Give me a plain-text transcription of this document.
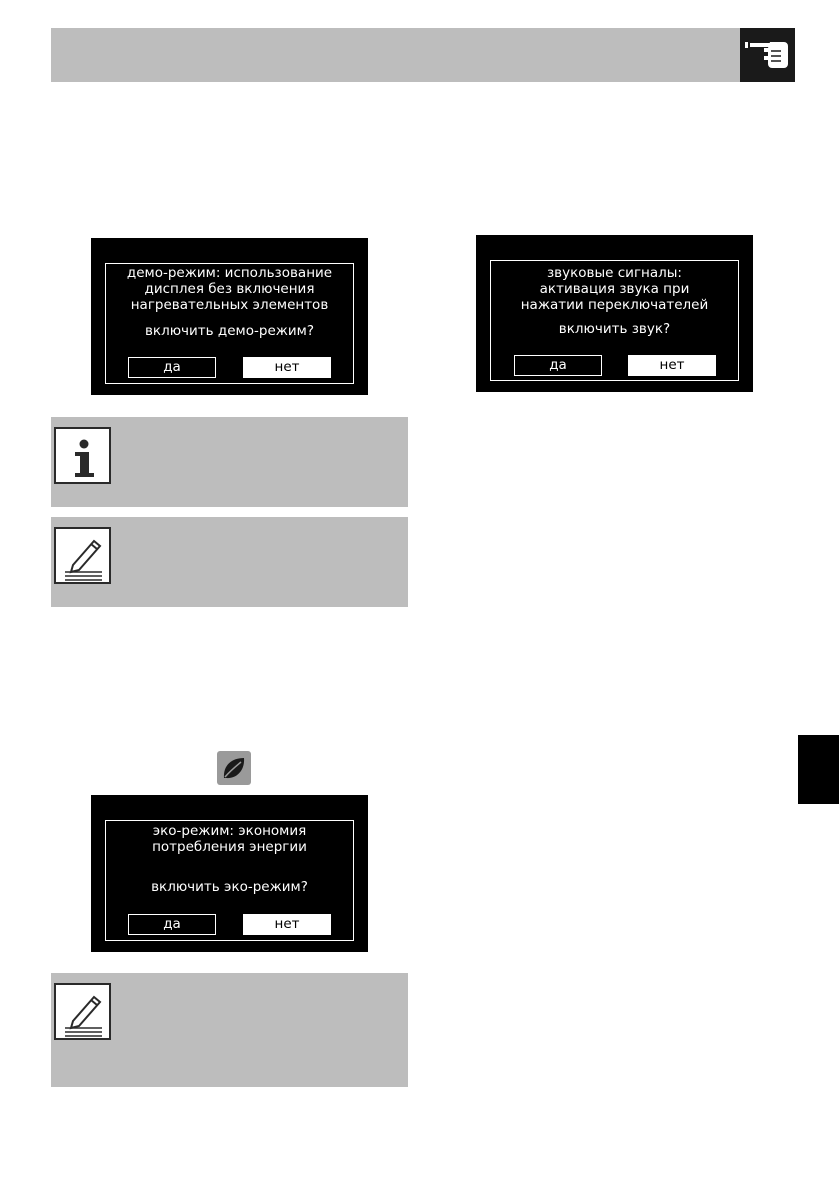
демо-режим: использование
дисплея без включения
нагревательных элементов
включить демо-режим?
да	нет
звуковые сигналы:
активация звука при
нажатии переключателей
включить звук?
да	нет
эко-режим: экономия
потребления энергии
включить эко-режим?
да	нет
